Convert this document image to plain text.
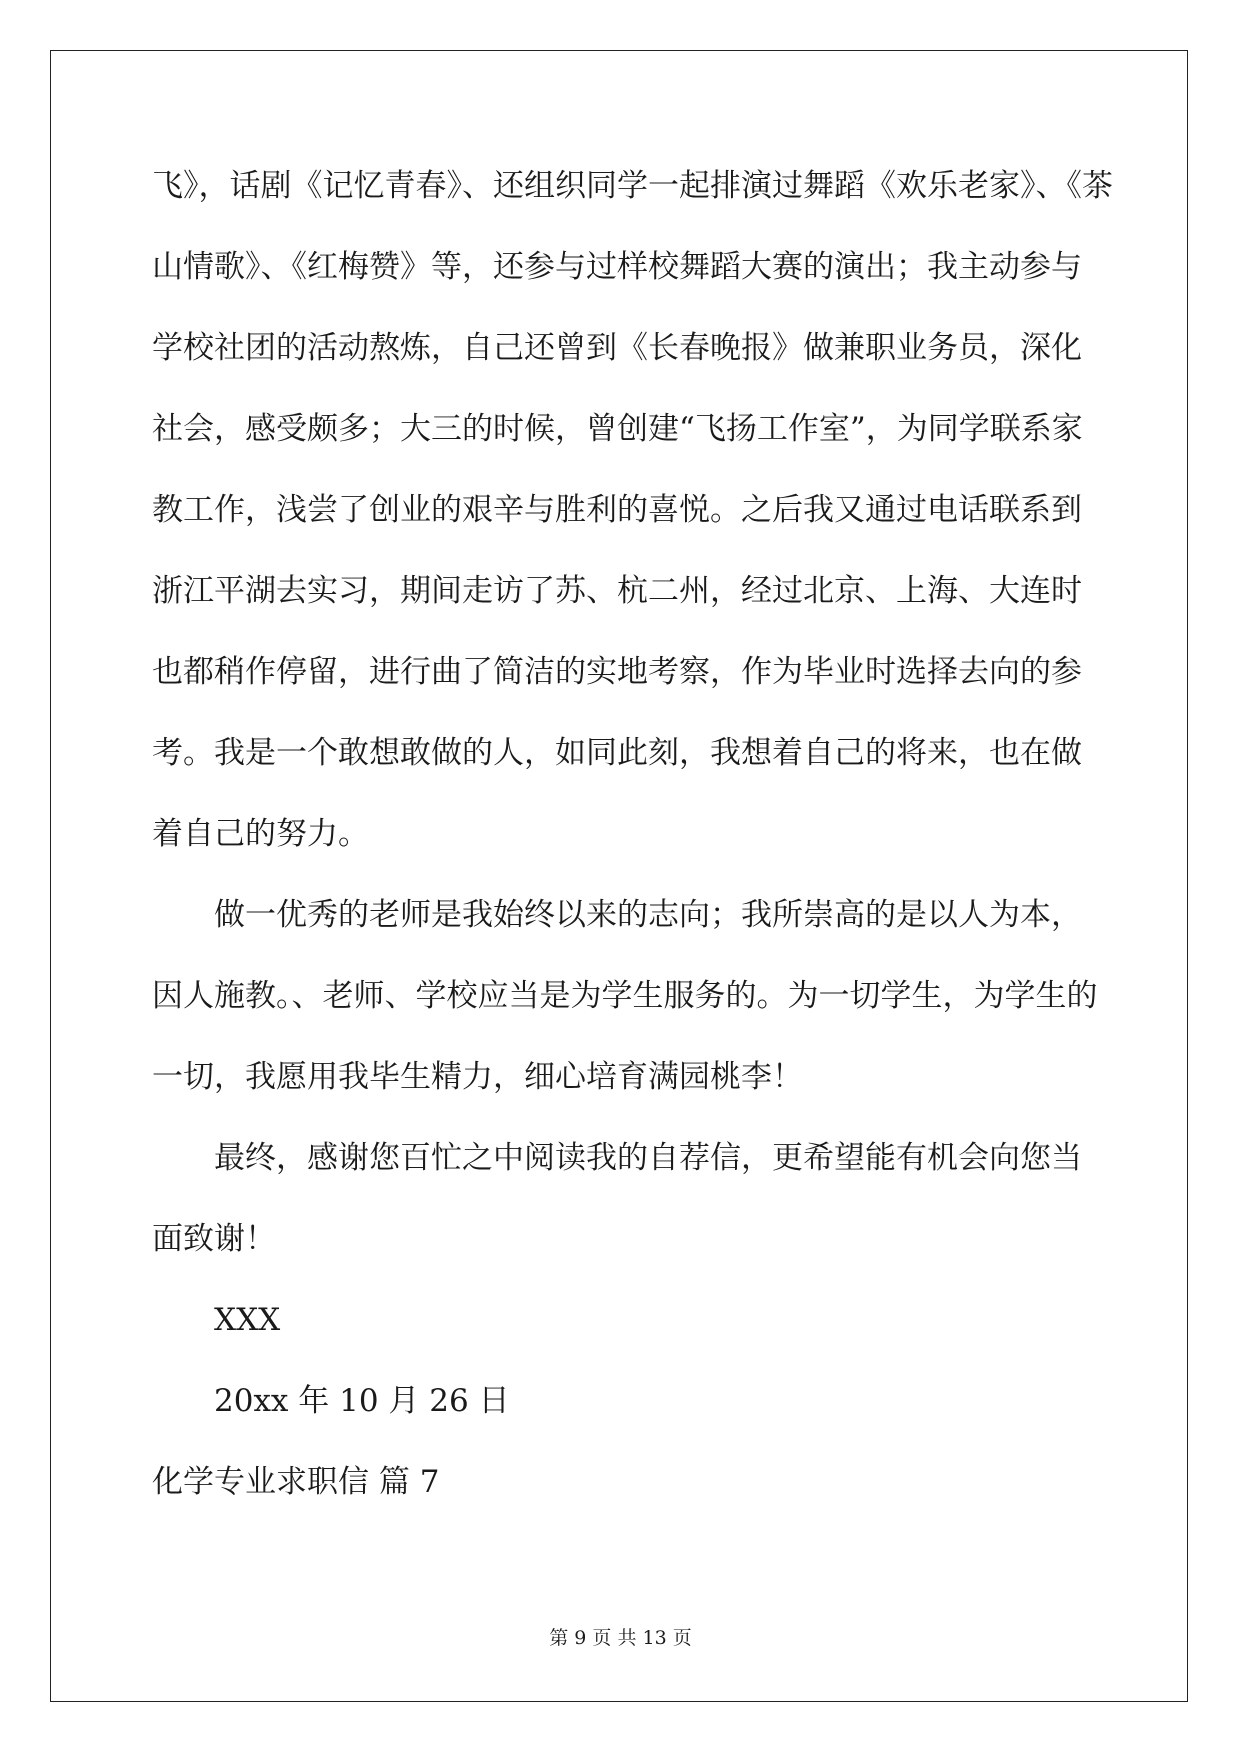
飞》，话剧《记忆青春》、还组织同学一起排演过舞蹈《欢乐老家》、《茶
山情歌》、《红梅赞》等，还参与过样校舞蹈大赛的演出；我主动参与
学校社团的活动熬炼，自己还曾到《长春晚报》做兼职业务员，深化
社会，感受颇多；大三的时候，曾创建“飞扬工作室”，为同学联系家
教工作，浅尝了创业的艰辛与胜利的喜悦。之后我又通过电话联系到
浙江平湖去实习，期间走访了苏、杭二州，经过北京、上海、大连时
也都稍作停留，进行曲了简洁的实地考察，作为毕业时选择去向的参
考。我是一个敢想敢做的人，如同此刻，我想着自己的将来，也在做
着自己的努力。
做一优秀的老师是我始终以来的志向；我所崇高的是以人为本，
因人施教。、老师、学校应当是为学生服务的。为一切学生，为学生的
一切，我愿用我毕生精力，细心培育满园桃李！
最终，感谢您百忙之中阅读我的自荐信，更希望能有机会向您当
面致谢！
XXX
20xx 年 10 月 26 日
化学专业求职信 篇 7
第 9 页 共 13 页
